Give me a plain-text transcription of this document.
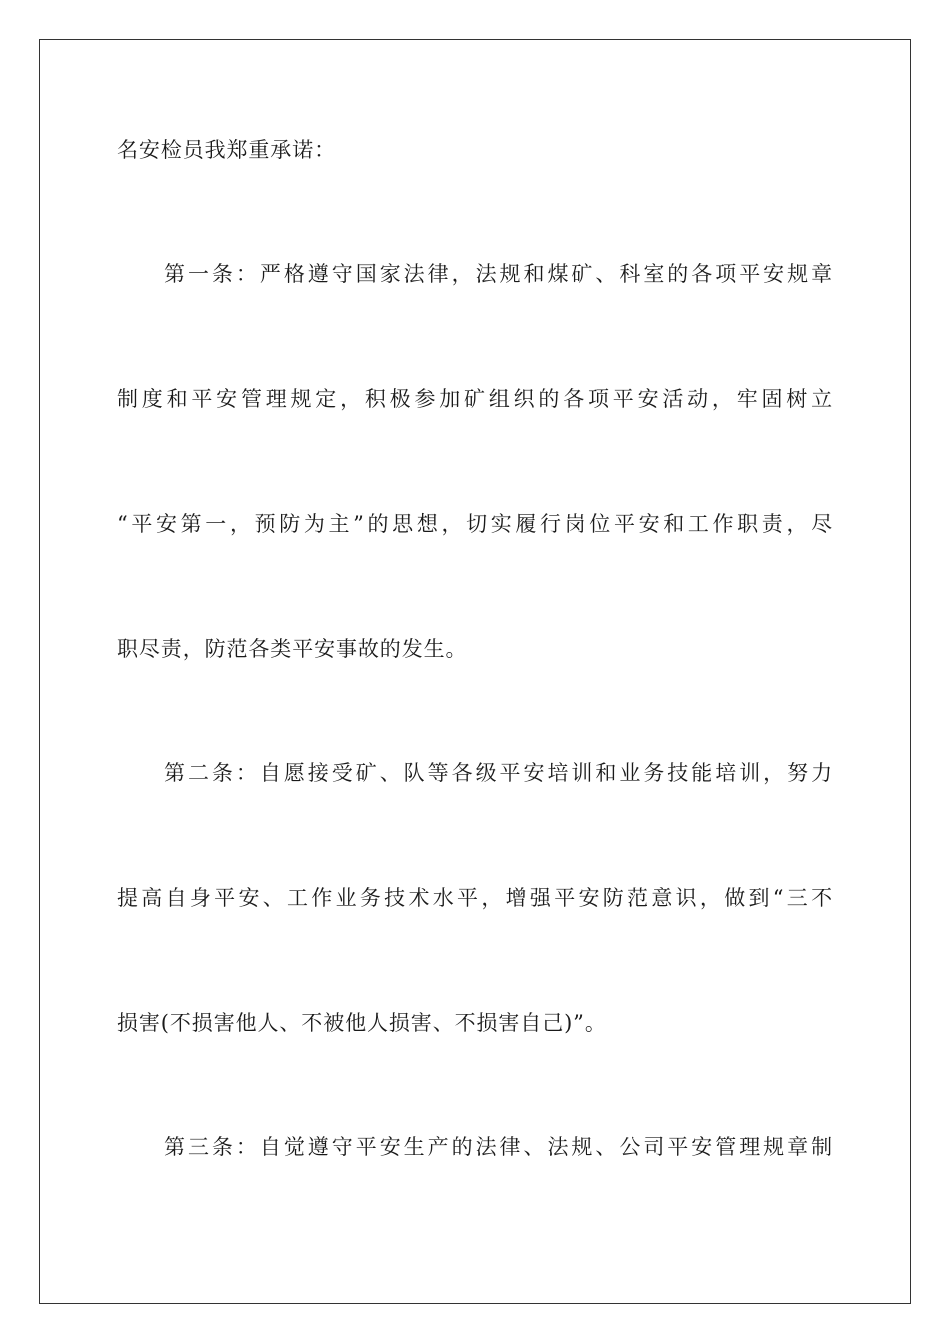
名安检员我郑重承诺：
第一条：严格遵守国家法律，法规和煤矿、科室的各项平安规章
制度和平安管理规定，积极参加矿组织的各项平安活动，牢固树立
“平安第一，预防为主”的思想，切实履行岗位平安和工作职责，尽
职尽责，防范各类平安事故的发生。
第二条：自愿接受矿、队等各级平安培训和业务技能培训，努力
提高自身平安、工作业务技术水平，增强平安防范意识，做到“三不
损害(不损害他人、不被他人损害、不损害自己)”。
第三条：自觉遵守平安生产的法律、法规、公司平安管理规章制
